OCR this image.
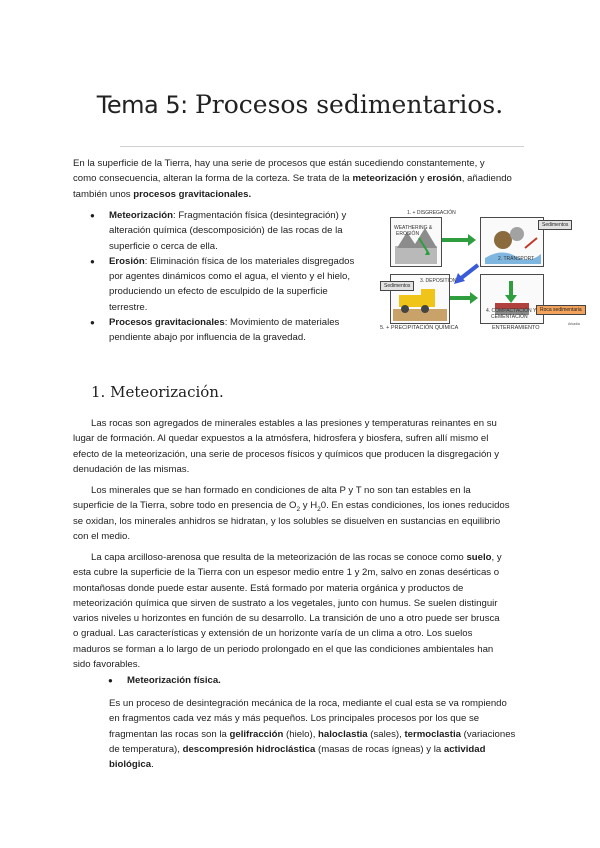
Tema 5: Procesos sedimentarios.
En la superficie de la Tierra, hay una serie de procesos que están sucediendo constantemente, y
como consecuencia, alteran la forma de la corteza. Se trata de la meteorización y erosión, añadiendo
también unos procesos gravitacionales.
● Meteorización: Fragmentación física (desintegración) y
alteración química (descomposición) de las rocas de la
superficie o cerca de ella.
● Erosión: Eliminación física de los materiales disgregados
por agentes dinámicos como el agua, el viento y el hielo,
produciendo un efecto de esculpido de la superficie
terrestre.
● Procesos gravitacionales: Movimiento de materiales
pendiente abajo por influencia de la gravedad.
WEATHERING &
EROSIÓN
1. + DISGREGACIÓN
2. TRANSPORT
Sedimentos
Sedimentos
3. DEPOSITION
4. COMPACTACIÓN Y
CEMENTACIÓN
Roca sedimentaria
5. + PRECIPITACIÓN QUÍMICA	ENTERRAMIENTO
Arkadia
1. Meteorización.
Las rocas son agregados de minerales estables a las presiones y temperaturas reinantes en su
lugar de formación. Al quedar expuestos a la atmósfera, hidrosfera y biosfera, sufren allí mismo el
efecto de la meteorización, una serie de procesos físicos y químicos que producen la disgregación y
denudación de las mismas.
Los minerales que se han formado en condiciones de alta P y T no son tan estables en la
superficie de la Tierra, sobre todo en presencia de $O_2$ y $H_20$. En estas condiciones, los iones reducidos
se oxidan, los minerales anhidros se hidratan, y los solubles se disuelven en sustancias en equilibrio
con el medio.
La capa arcilloso-arenosa que resulta de la meteorización de las rocas se conoce como suelo, y
esta cubre la superficie de la Tierra con un espesor medio entre 1 y 2m, salvo en zonas desérticas o
montañosas donde puede estar ausente. Está formado por materia orgánica y productos de
meteorización química que sirven de sustrato a los vegetales, junto con humus. Se suelen distinguir
varios niveles u horizontes en función de su desarrollo. La transición de uno a otro puede ser brusca
o gradual. Las características y extensión de un horizonte varía de un clima a otro. Los suelos
maduros se forman a lo largo de un periodo prolongado en el que las condiciones ambientales han
sido favorables.
● Meteorización física.
Es un proceso de desintegración mecánica de la roca, mediante el cual esta se va rompiendo
en fragmentos cada vez más y más pequeños. Los principales procesos por los que se
fragmentan las rocas son la gelifracción (hielo), haloclastia (sales), termoclastia (variaciones
de temperatura), descompresión hidroclástica (masas de rocas ígneas) y la actividad
biológica.
